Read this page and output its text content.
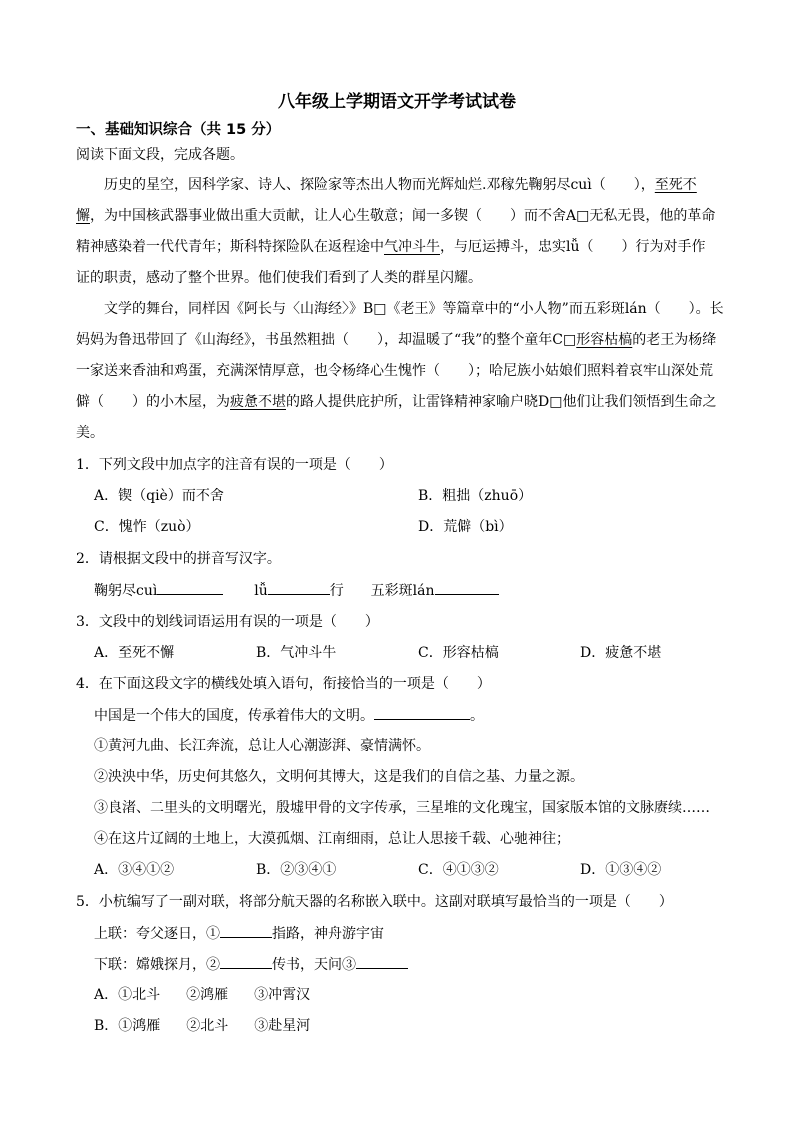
八年级上学期语文开学考试试卷
一、基础知识综合（共 15 分）
阅读下面文段，完成各题。
历史的星空，因科学家、诗人、探险家等杰出人物而光辉灿烂.邓稼先鞠躬尽cuì（　　），至死不
懈，为中国核武器事业做出重大贡献，让人心生敬意；闻一多锲（　　）而不舍A□无私无畏，他的革命
精神感染着一代代青年；斯科特探险队在返程途中气冲斗牛，与厄运搏斗，忠实lǚ（　　）行为对手作
证的职责，感动了整个世界。他们使我们看到了人类的群星闪耀。
文学的舞台，同样因《阿长与〈山海经〉》B□《老王》等篇章中的“小人物”而五彩斑lán（　　）。长
妈妈为鲁迅带回了《山海经》，书虽然粗拙（　　），却温暖了“我”的整个童年C□形容枯槁的老王为杨绛
一家送来香油和鸡蛋，充满深情厚意，也令杨绛心生愧怍（　　）；哈尼族小姑娘们照料着哀牢山深处荒
僻（　　）的小木屋，为疲惫不堪的路人提供庇护所，让雷锋精神家喻户晓D□他们让我们领悟到生命之
美。
1．下列文段中加点字的注音有误的一项是（　　）
A．锲（qiè）而不舍	B．粗拙（zhuō）
C．愧怍（zuò）	D．荒僻（bì）
2．请根据文段中的拼音写汉字。
鞠躬尽cuì	lǚ	行 五彩斑lán
3．文段中的划线词语运用有误的一项是（　　）
A．至死不懈	B．气冲斗牛	C．形容枯槁	D．疲惫不堪
4．在下面这段文字的横线处填入语句，衔接恰当的一项是（　　）
中国是一个伟大的国度，传承着伟大的文明。	。
①黄河九曲、长江奔流，总让人心潮澎湃、豪情满怀。
②泱泱中华，历史何其悠久，文明何其博大，这是我们的自信之基、力量之源。
③良渚、二里头的文明曙光，殷墟甲骨的文字传承，三星堆的文化瑰宝，国家版本馆的文脉赓续……
④在这片辽阔的土地上，大漠孤烟、江南细雨，总让人思接千载、心驰神往；
A．③④①②	B．②③④①	C．④①③②	D．①③④②
5．小杭编写了一副对联，将部分航天器的名称嵌入联中。这副对联填写最恰当的一项是（　　）
上联：夸父逐日，①	指路，神舟游宇宙
下联：嫦娥探月，②	传书，天问③
A．①北斗 ②鸿雁 ③冲霄汉
B．①鸿雁 ②北斗 ③赴星河
